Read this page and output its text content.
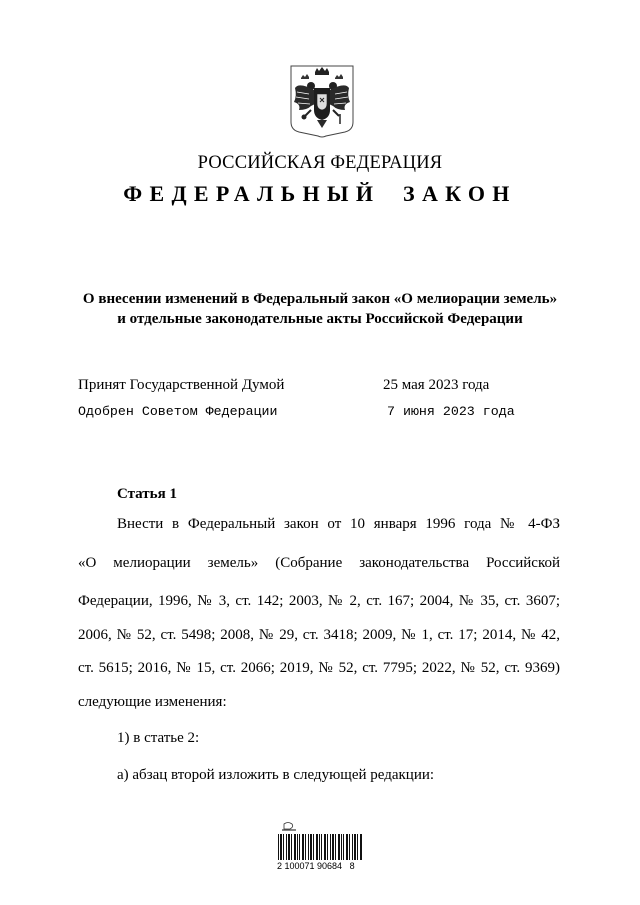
РОССИЙСКАЯ ФЕДЕРАЦИЯ
ФЕДЕРАЛЬНЫЙ ЗАКОН
О внесении изменений в Федеральный закон «О мелиорации земель»
и отдельные законодательные акты Российской Федерации
Принят Государственной Думой	25 мая 2023 года
Одобрен Советом Федерации	7 июня 2023 года
Статья 1
Внести в Федеральный закон от 10 января 1996 года № 4-ФЗ
«О мелиорации земель» (Собрание законодательства Российской
Федерации, 1996, № 3, ст. 142; 2003, № 2, ст. 167; 2004, № 35, ст. 3607;
2006, № 52, ст. 5498; 2008, № 29, ст. 3418; 2009, № 1, ст. 17; 2014, № 42,
ст. 5615; 2016, № 15, ст. 2066; 2019, № 52, ст. 7795; 2022, № 52, ст. 9369)
следующие изменения:
1) в статье 2:
а) абзац второй изложить в следующей редакции:
2 100071 90684   8
